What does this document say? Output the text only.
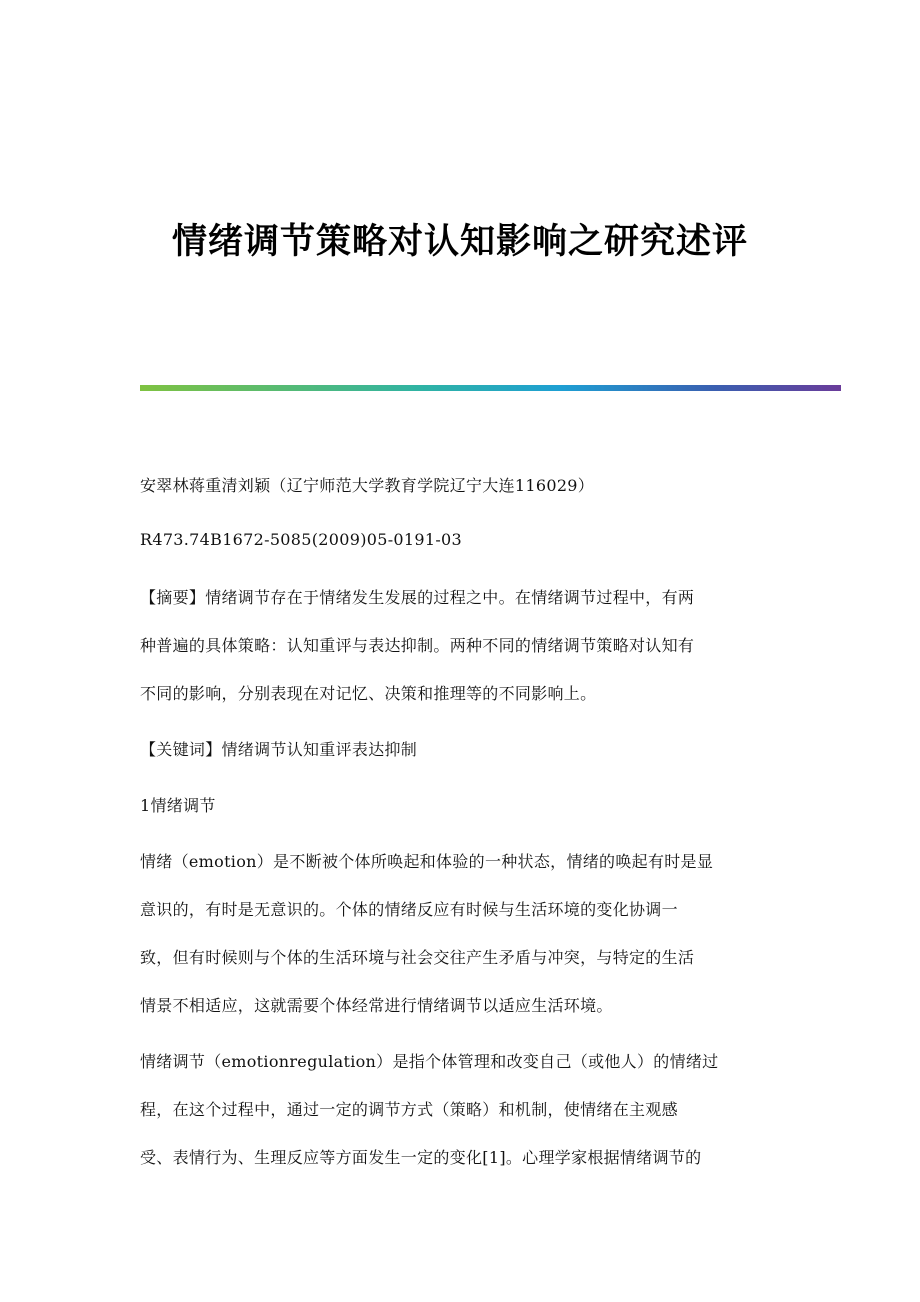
情绪调节策略对认知影响之研究述评
安翠林蒋重清刘颖（辽宁师范大学教育学院辽宁大连116029）
R473.74B1672-5085(2009)05-0191-03
【摘要】情绪调节存在于情绪发生发展的过程之中。在情绪调节过程中，有两
种普遍的具体策略：认知重评与表达抑制。两种不同的情绪调节策略对认知有
不同的影响，分别表现在对记忆、决策和推理等的不同影响上。
【关键词】情绪调节认知重评表达抑制
1情绪调节
情绪（emotion）是不断被个体所唤起和体验的一种状态，情绪的唤起有时是显
意识的，有时是无意识的。个体的情绪反应有时候与生活环境的变化协调一
致，但有时候则与个体的生活环境与社会交往产生矛盾与冲突，与特定的生活
情景不相适应，这就需要个体经常进行情绪调节以适应生活环境。
情绪调节（emotionregulation）是指个体管理和改变自己（或他人）的情绪过
程，在这个过程中，通过一定的调节方式（策略）和机制，使情绪在主观感
受、表情行为、生理反应等方面发生一定的变化[1]。心理学家根据情绪调节的
